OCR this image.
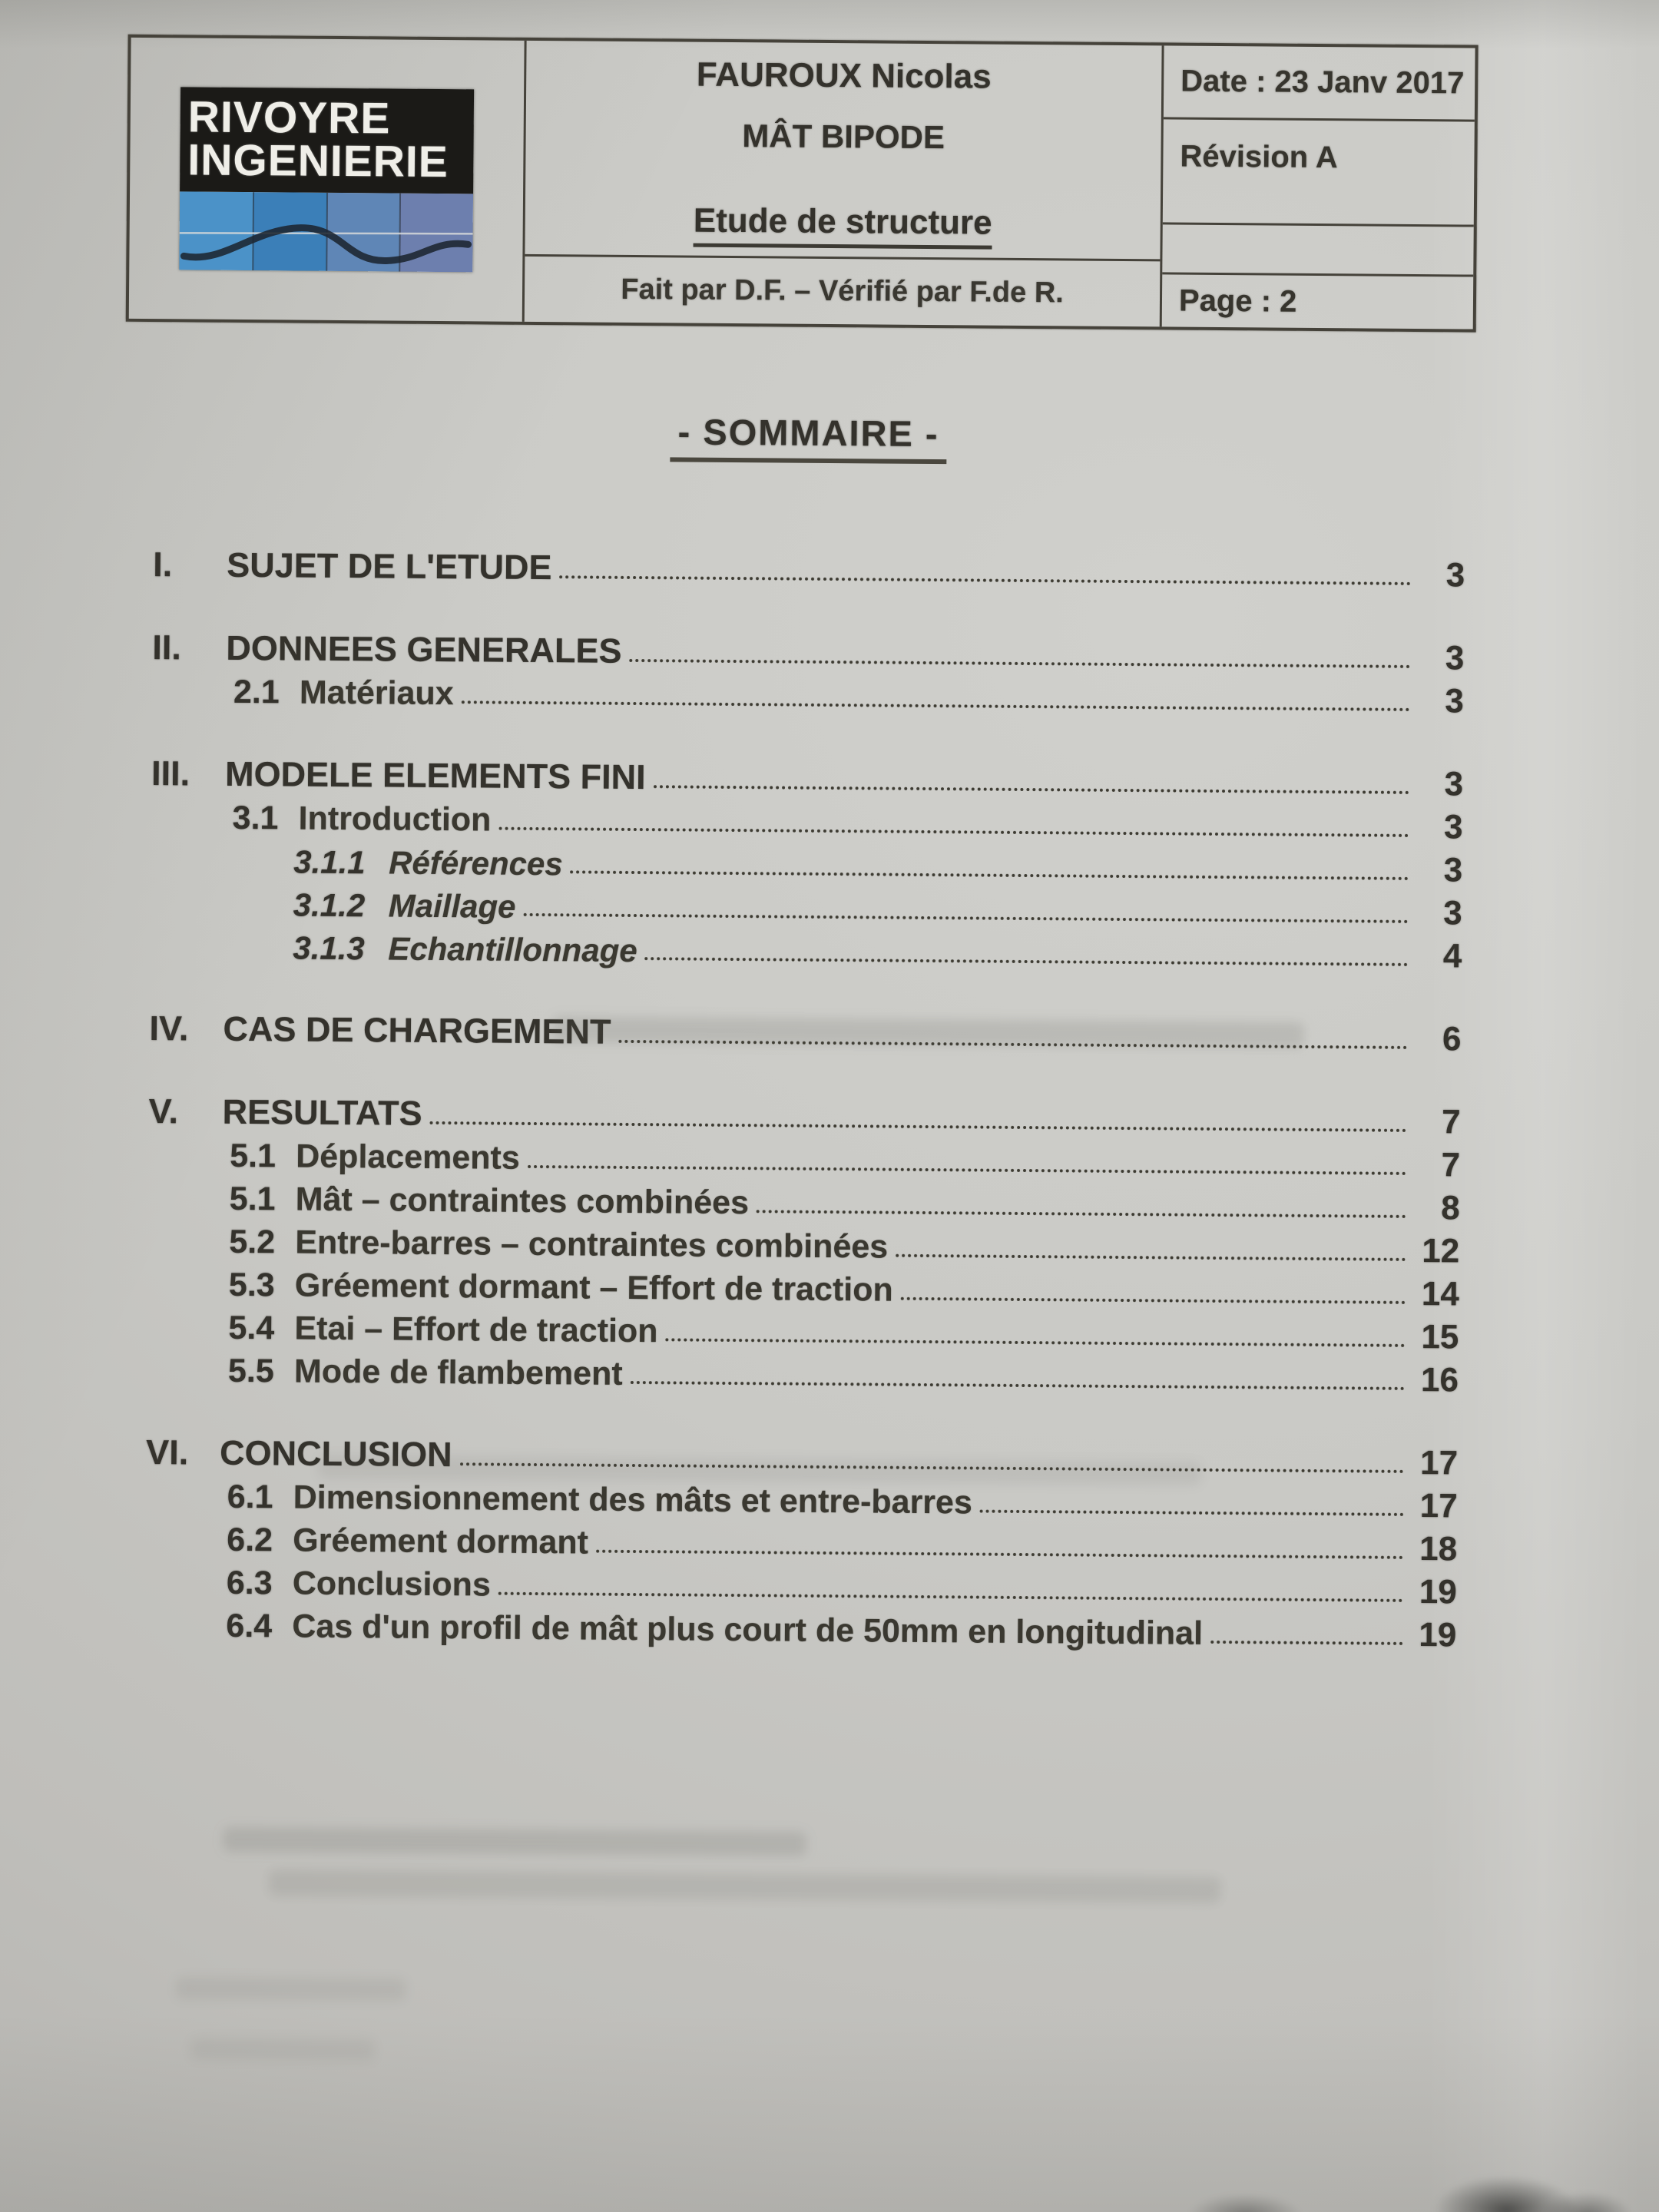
RIVOYRE
INGENIERIE
FAUROUX Nicolas
MÂT BIPODE
Etude de structure
Fait par D.F. – Vérifié par F.de R.
Date : 23 Janv 2017
Révision A
Page : 2
- SOMMAIRE -
I.	SUJET DE L'ETUDE	3
II.	DONNEES GENERALES	3
2.1 Matériaux	3
III.	MODELE ELEMENTS FINI	3
3.1 Introduction	3
3.1.1 Références	3
3.1.2 Maillage	3
3.1.3 Echantillonnage	4
IV. CAS DE CHARGEMENT	6
V.	RESULTATS	7
5.1 Déplacements	7
5.1 Mât – contraintes combinées	8
5.2 Entre-barres – contraintes combinées	12
5.3 Gréement dormant – Effort de traction	14
5.4 Etai – Effort de traction	15
5.5 Mode de flambement	16
VI. CONCLUSION	17
6.1 Dimensionnement des mâts et entre-barres	17
6.2 Gréement dormant	18
6.3 Conclusions	19
6.4 Cas d'un profil de mât plus court de 50mm en longitudinal	19
